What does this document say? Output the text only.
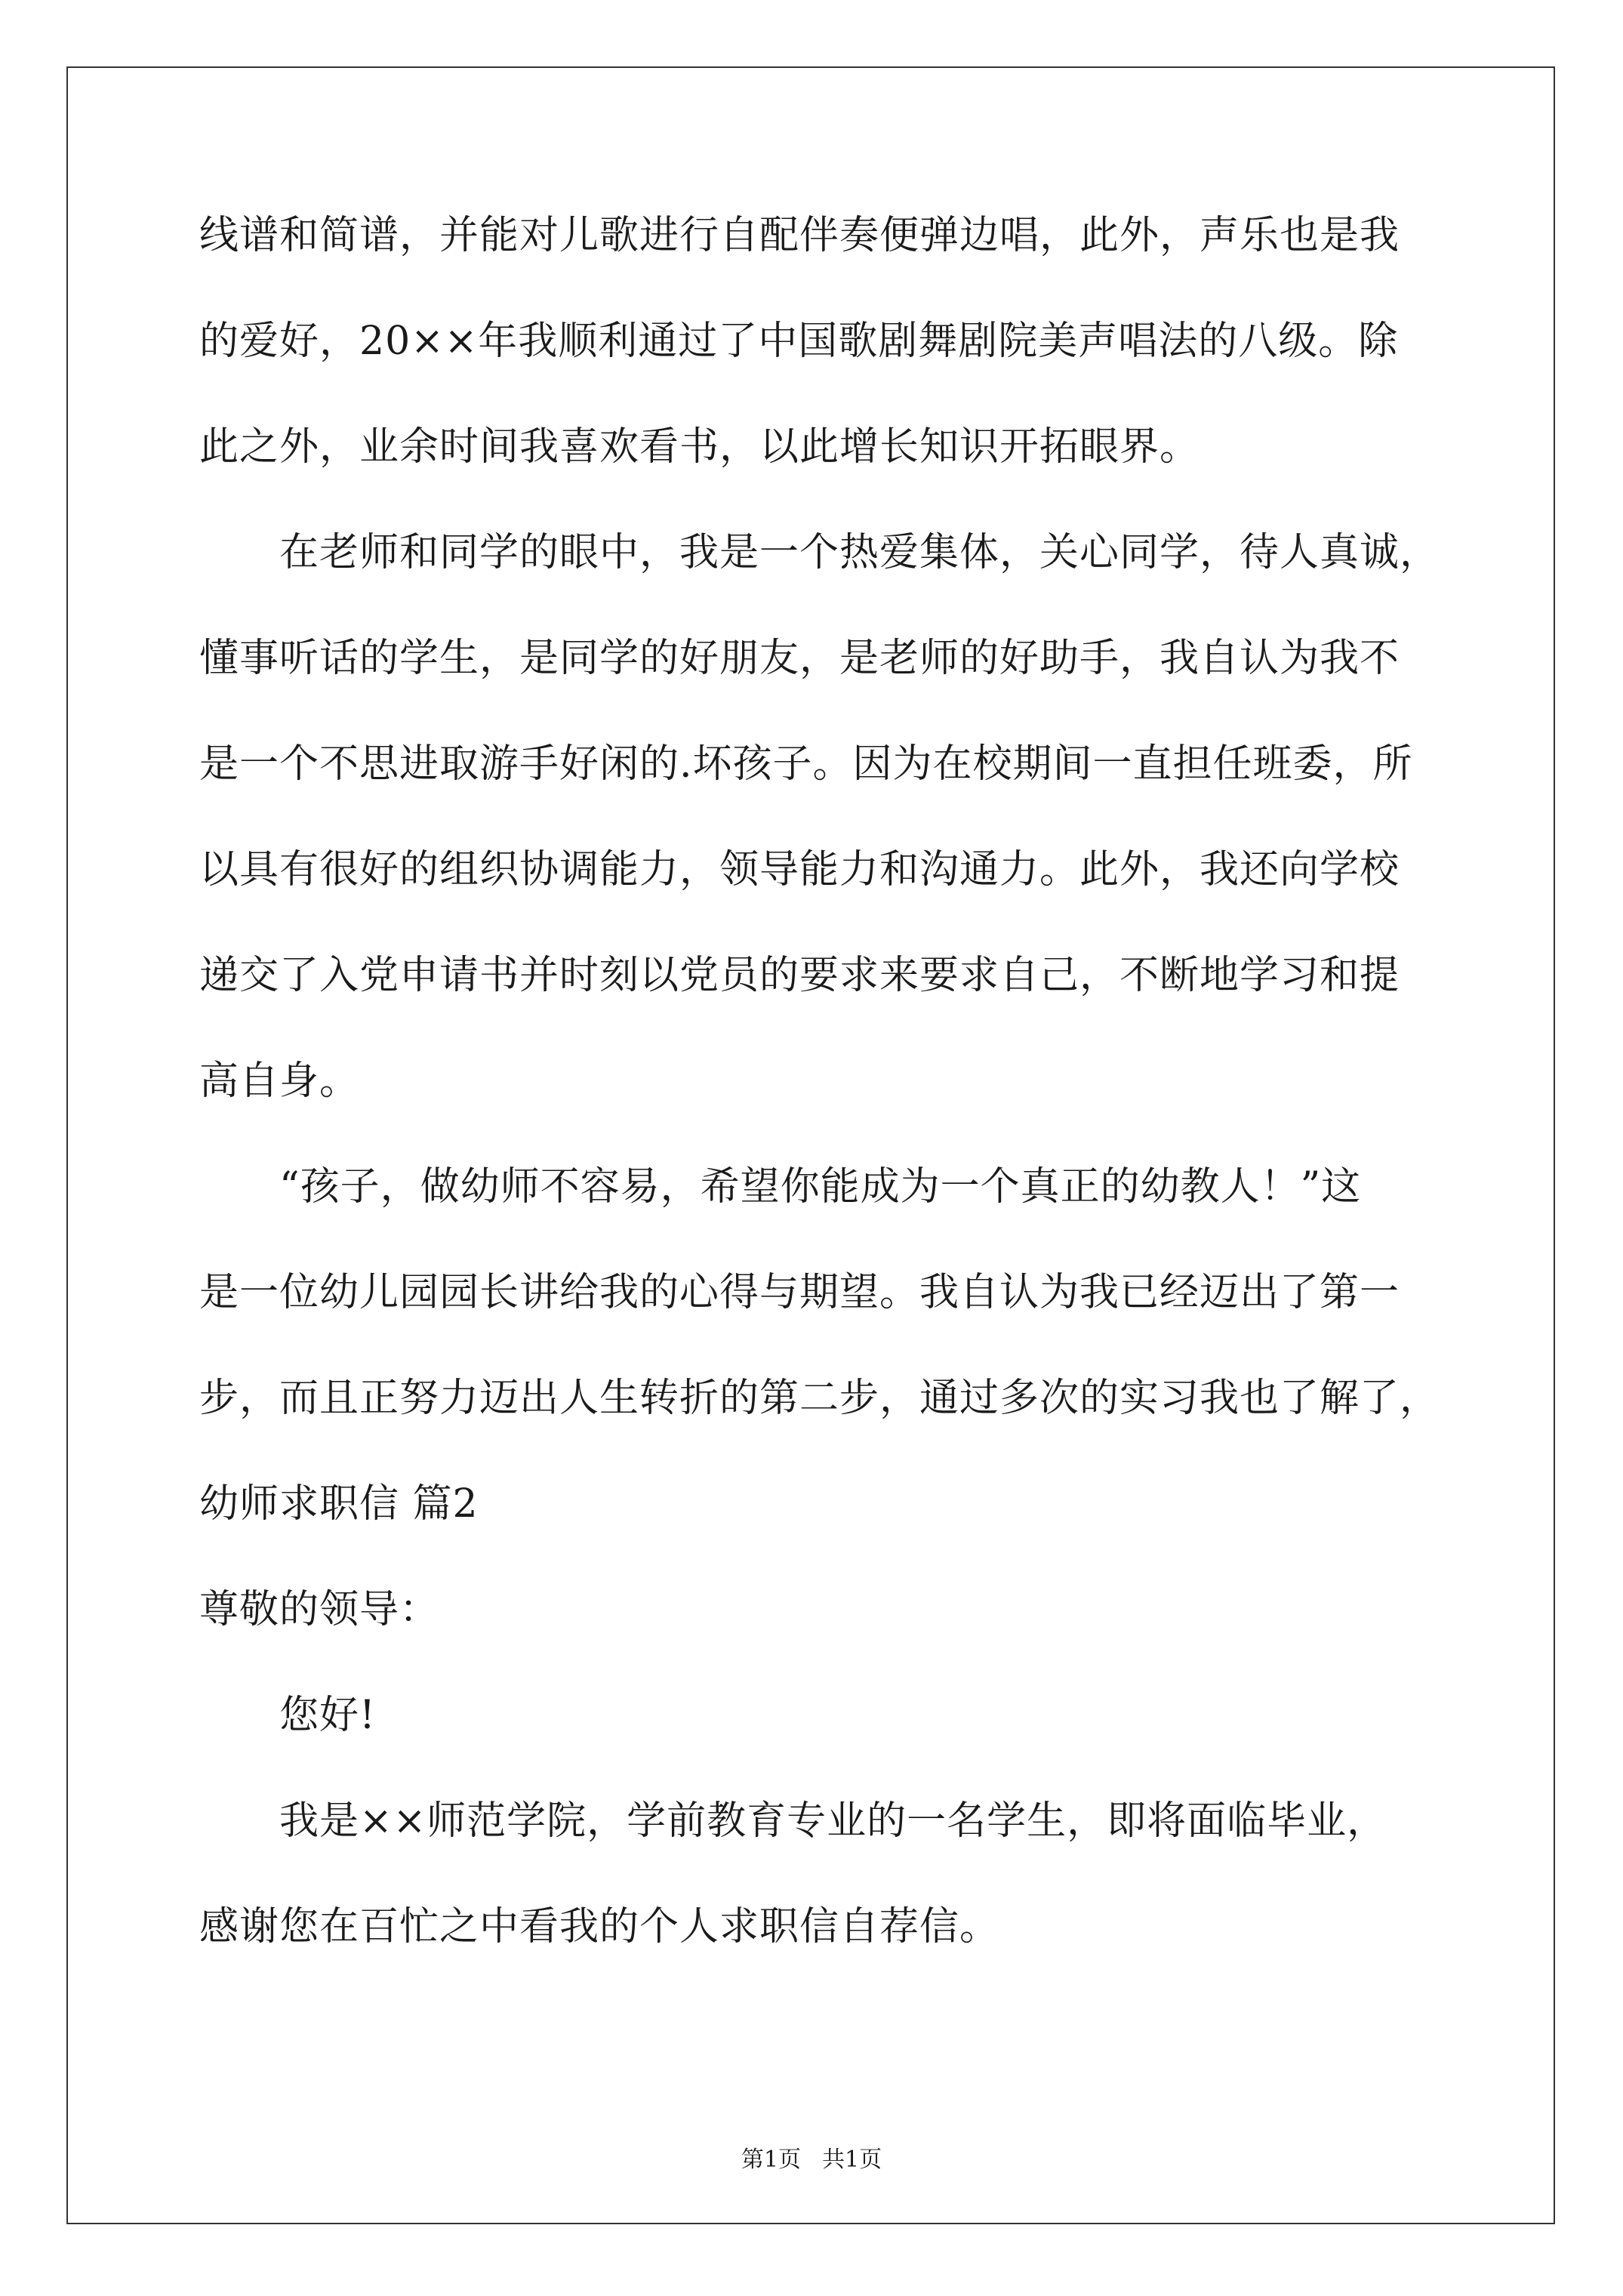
线谱和简谱，并能对儿歌进行自配伴奏便弹边唱，此外，声乐也是我
的爱好，20××年我顺利通过了中国歌剧舞剧院美声唱法的八级。除
此之外，业余时间我喜欢看书，以此增长知识开拓眼界。
在老师和同学的眼中，我是一个热爱集体，关心同学，待人真诚，
懂事听话的学生，是同学的好朋友，是老师的好助手，我自认为我不
是一个不思进取游手好闲的.坏孩子。因为在校期间一直担任班委，所
以具有很好的组织协调能力，领导能力和沟通力。此外，我还向学校
递交了入党申请书并时刻以党员的要求来要求自己，不断地学习和提
高自身。
“孩子，做幼师不容易，希望你能成为一个真正的幼教人！”这
是一位幼儿园园长讲给我的心得与期望。我自认为我已经迈出了第一
步，而且正努力迈出人生转折的第二步，通过多次的实习我也了解了，
幼师求职信 篇2
尊敬的领导：
您好!
我是××师范学院，学前教育专业的一名学生，即将面临毕业，
感谢您在百忙之中看我的个人求职信自荐信。
第1页 共1页
